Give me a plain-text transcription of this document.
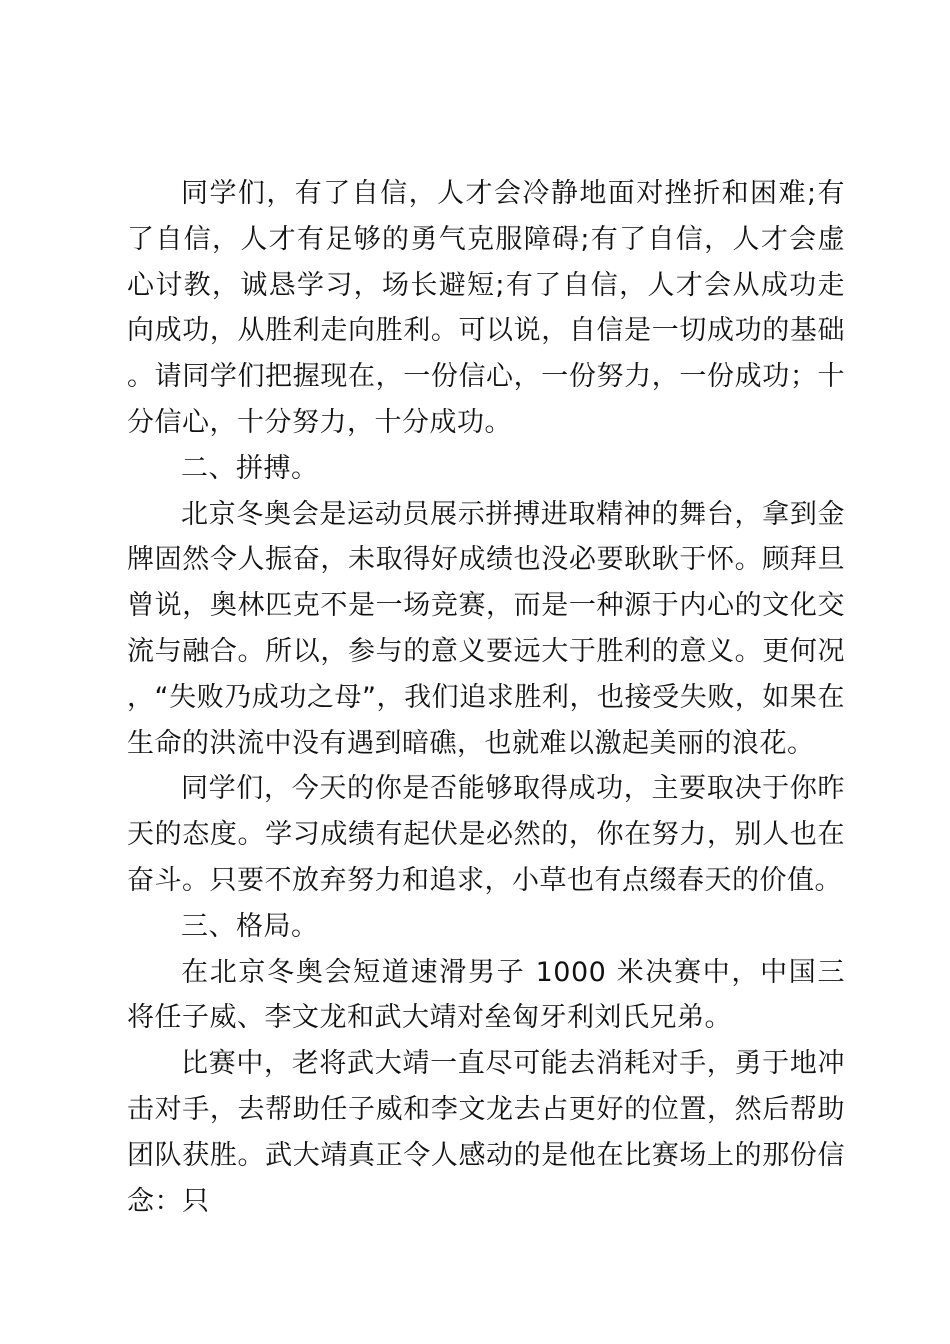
同学们，有了自信，人才会冷静地面对挫折和困难;有了自信，人才有足够的勇气克服障碍;有了自信，人才会虚心讨教，诚恳学习，场长避短;有了自信，人才会从成功走向成功，从胜利走向胜利。可以说，自信是一切成功的基础。请同学们把握现在，一份信心，一份努力，一份成功；十分信心，十分努力，十分成功。

二、拼搏。

北京冬奥会是运动员展示拼搏进取精神的舞台，拿到金牌固然令人振奋，未取得好成绩也没必要耿耿于怀。顾拜旦曾说，奥林匹克不是一场竞赛，而是一种源于内心的文化交流与融合。所以，参与的意义要远大于胜利的意义。更何况，“失败乃成功之母”，我们追求胜利，也接受失败，如果在生命的洪流中没有遇到暗礁，也就难以激起美丽的浪花。

同学们，今天的你是否能够取得成功，主要取决于你昨天的态度。学习成绩有起伏是必然的，你在努力，别人也在奋斗。只要不放弃努力和追求，小草也有点缀春天的价值。

三、格局。

在北京冬奥会短道速滑男子 1000 米决赛中，中国三将任子威、李文龙和武大靖对垒匈牙利刘氏兄弟。

比赛中，老将武大靖一直尽可能去消耗对手，勇于地冲击对手，去帮助任子威和李文龙去占更好的位置，然后帮助团队获胜。武大靖真正令人感动的是他在比赛场上的那份信念：只
